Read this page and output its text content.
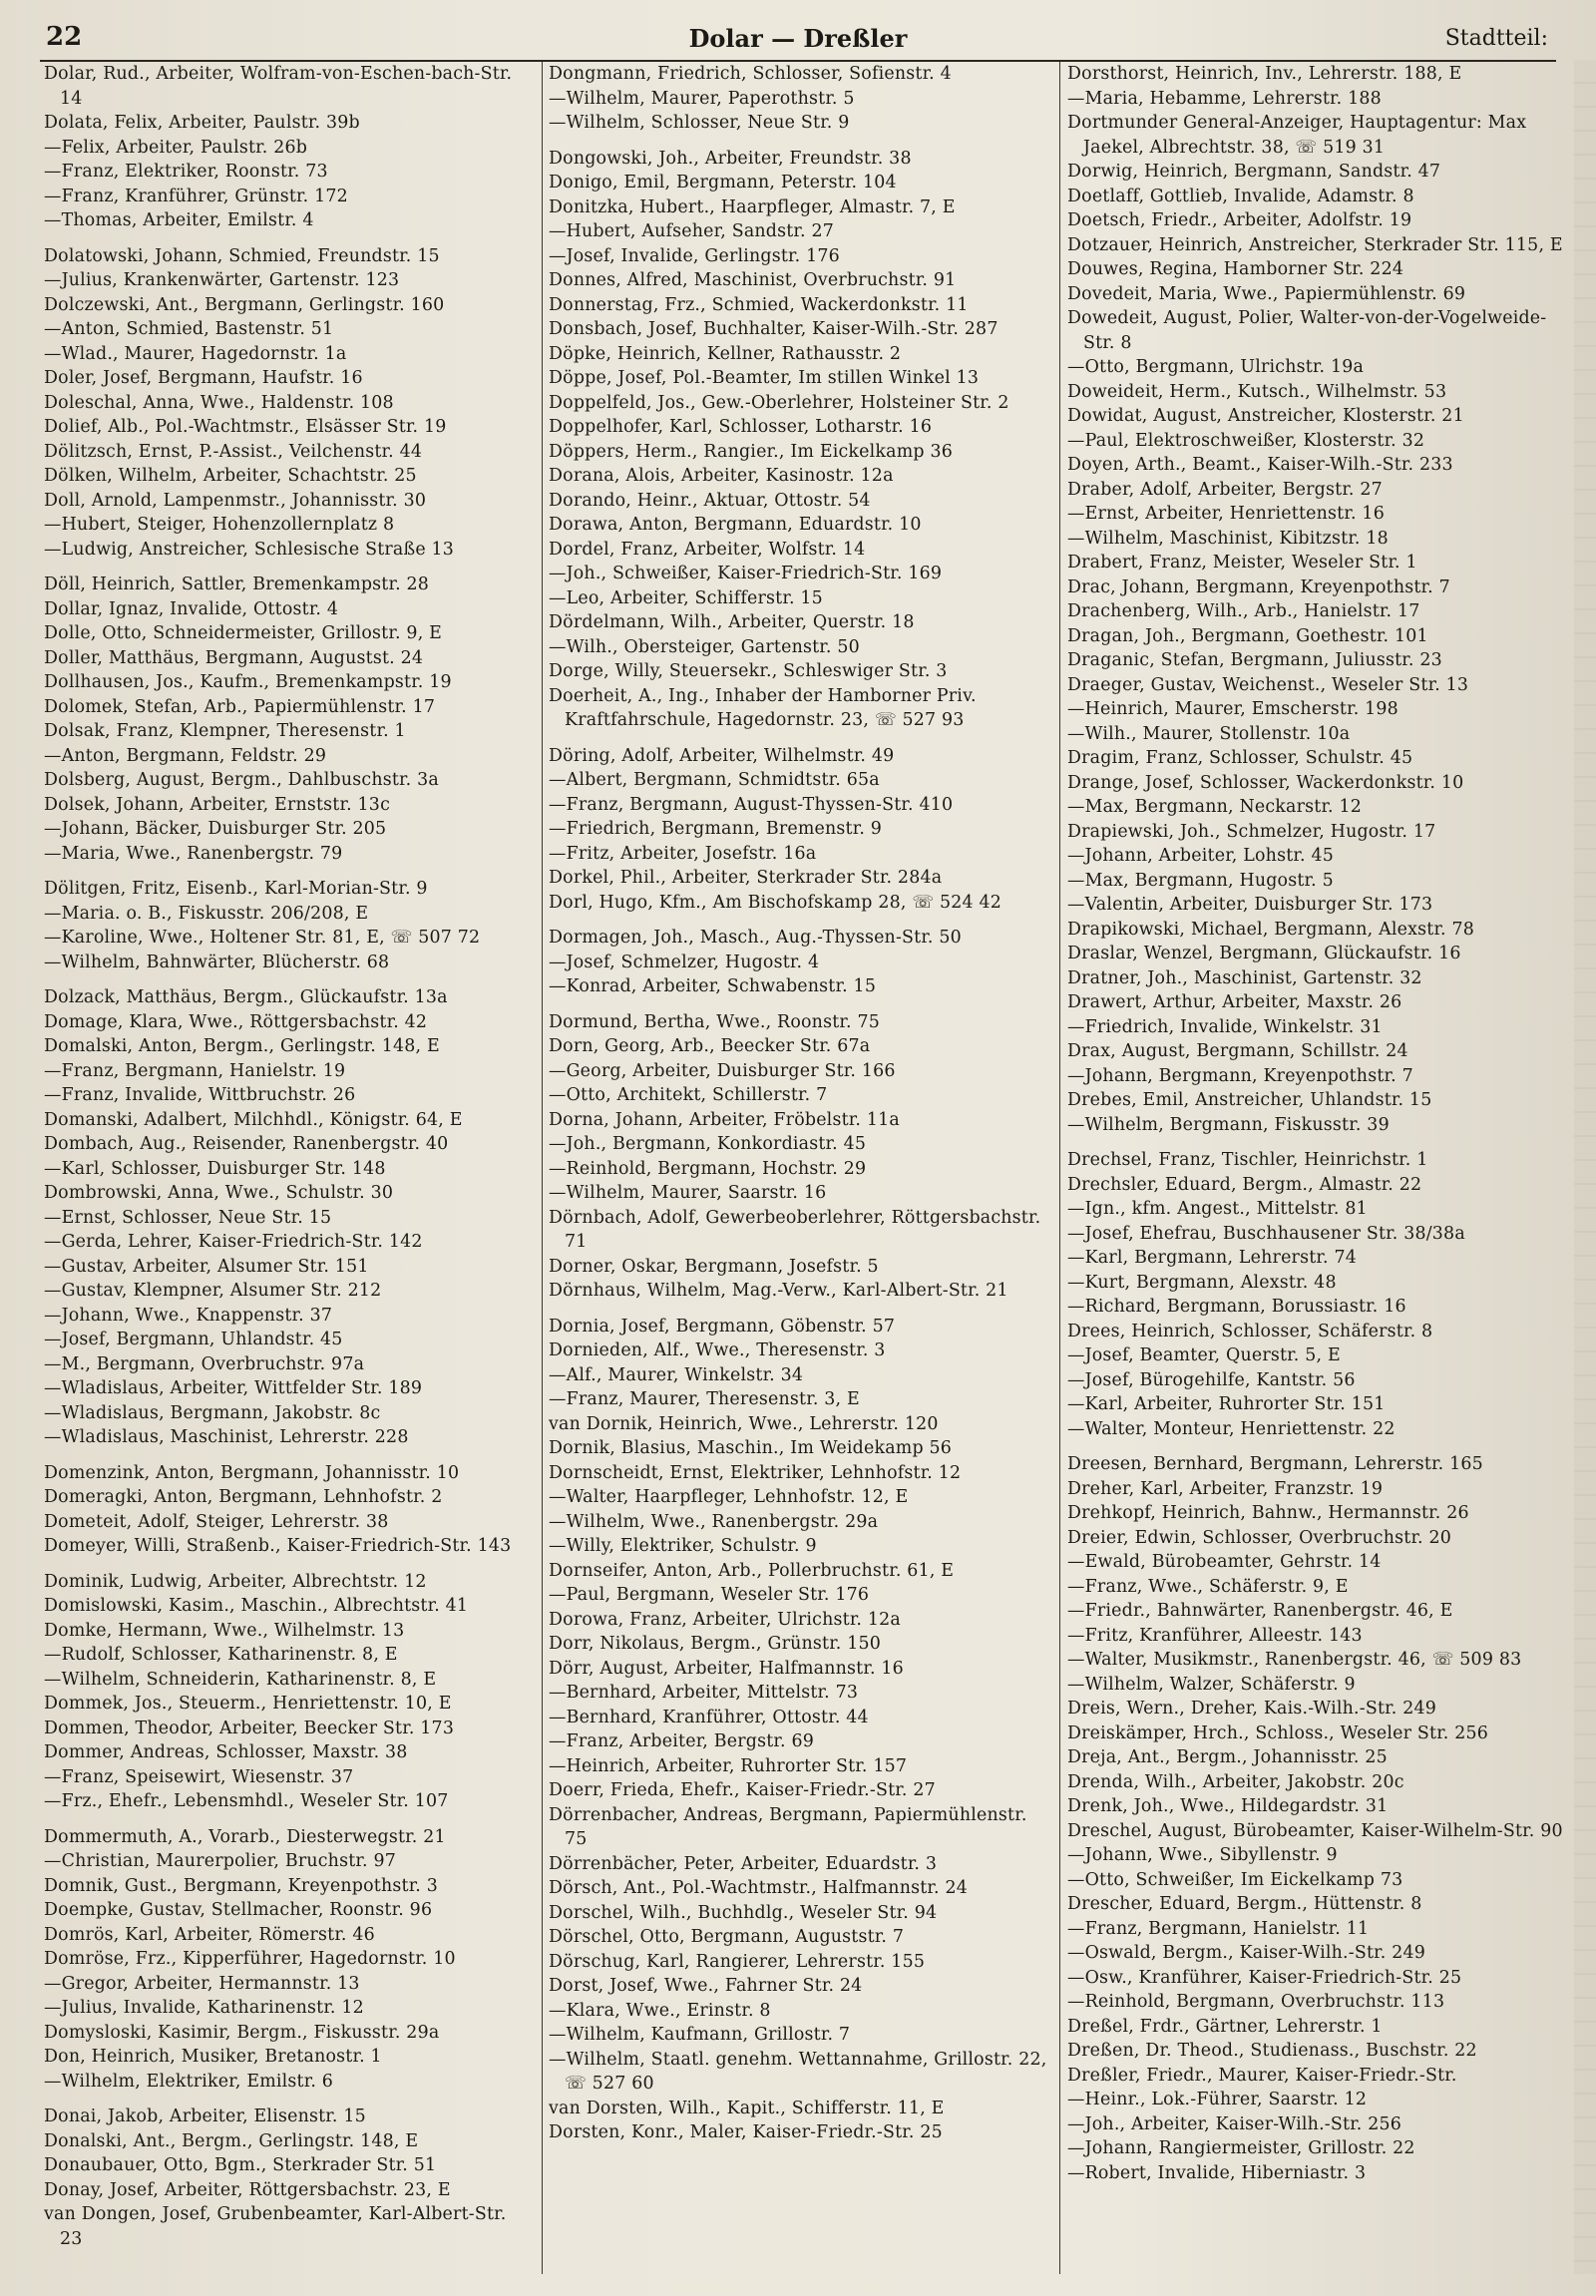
22	Dolar — Dreßler	Stadtteil:
Dolar, Rud., Arbeiter, Wolfram-von-Eschen-bach-Str. 14
Dolata, Felix, Arbeiter, Paulstr. 39b
—Felix, Arbeiter, Paulstr. 26b
—Franz, Elektriker, Roonstr. 73
—Franz, Kranführer, Grünstr. 172
—Thomas, Arbeiter, Emilstr. 4
Dolatowski, Johann, Schmied, Freundstr. 15
—Julius, Krankenwärter, Gartenstr. 123
Dolczewski, Ant., Bergmann, Gerlingstr. 160
—Anton, Schmied, Bastenstr. 51
—Wlad., Maurer, Hagedornstr. 1a
Doler, Josef, Bergmann, Haufstr. 16
Doleschal, Anna, Wwe., Haldenstr. 108
Dolief, Alb., Pol.-Wachtmstr., Elsässer Str. 19
Dölitzsch, Ernst, P.-Assist., Veilchenstr. 44
Dölken, Wilhelm, Arbeiter, Schachtstr. 25
Doll, Arnold, Lampenmstr., Johannisstr. 30
—Hubert, Steiger, Hohenzollernplatz 8
—Ludwig, Anstreicher, Schlesische Straße 13
Döll, Heinrich, Sattler, Bremenkampstr. 28
Dollar, Ignaz, Invalide, Ottostr. 4
Dolle, Otto, Schneidermeister, Grillostr. 9, E
Doller, Matthäus, Bergmann, Augustst. 24
Dollhausen, Jos., Kaufm., Bremenkampstr. 19
Dolomek, Stefan, Arb., Papiermühlenstr. 17
Dolsak, Franz, Klempner, Theresenstr. 1
—Anton, Bergmann, Feldstr. 29
Dolsberg, August, Bergm., Dahlbuschstr. 3a
Dolsek, Johann, Arbeiter, Ernststr. 13c
—Johann, Bäcker, Duisburger Str. 205
—Maria, Wwe., Ranenbergstr. 79
Dölitgen, Fritz, Eisenb., Karl-Morian-Str. 9
—Maria. o. B., Fiskusstr. 206/208, E
—Karoline, Wwe., Holtener Str. 81, E, ☏ 507 72
—Wilhelm, Bahnwärter, Blücherstr. 68
Dolzack, Matthäus, Bergm., Glückaufstr. 13a
Domage, Klara, Wwe., Röttgersbachstr. 42
Domalski, Anton, Bergm., Gerlingstr. 148, E
—Franz, Bergmann, Hanielstr. 19
—Franz, Invalide, Wittbruchstr. 26
Domanski, Adalbert, Milchhdl., Königstr. 64, E
Dombach, Aug., Reisender, Ranenbergstr. 40
—Karl, Schlosser, Duisburger Str. 148
Dombrowski, Anna, Wwe., Schulstr. 30
—Ernst, Schlosser, Neue Str. 15
—Gerda, Lehrer, Kaiser-Friedrich-Str. 142
—Gustav, Arbeiter, Alsumer Str. 151
—Gustav, Klempner, Alsumer Str. 212
—Johann, Wwe., Knappenstr. 37
—Josef, Bergmann, Uhlandstr. 45
—M., Bergmann, Overbruchstr. 97a
—Wladislaus, Arbeiter, Wittfelder Str. 189
—Wladislaus, Bergmann, Jakobstr. 8c
—Wladislaus, Maschinist, Lehrerstr. 228
Domenzink, Anton, Bergmann, Johannisstr. 10
Domeragki, Anton, Bergmann, Lehnhofstr. 2
Dometeit, Adolf, Steiger, Lehrerstr. 38
Domeyer, Willi, Straßenb., Kaiser-Friedrich-Str. 143
Dominik, Ludwig, Arbeiter, Albrechtstr. 12
Domislowski, Kasim., Maschin., Albrechtstr. 41
Domke, Hermann, Wwe., Wilhelmstr. 13
—Rudolf, Schlosser, Katharinenstr. 8, E
—Wilhelm, Schneiderin, Katharinenstr. 8, E
Dommek, Jos., Steuerm., Henriettenstr. 10, E
Dommen, Theodor, Arbeiter, Beecker Str. 173
Dommer, Andreas, Schlosser, Maxstr. 38
—Franz, Speisewirt, Wiesenstr. 37
—Frz., Ehefr., Lebensmhdl., Weseler Str. 107
Dommermuth, A., Vorarb., Diesterwegstr. 21
—Christian, Maurerpolier, Bruchstr. 97
Domnik, Gust., Bergmann, Kreyenpothstr. 3
Doempke, Gustav, Stellmacher, Roonstr. 96
Domrös, Karl, Arbeiter, Römerstr. 46
Domröse, Frz., Kipperführer, Hagedornstr. 10
—Gregor, Arbeiter, Hermannstr. 13
—Julius, Invalide, Katharinenstr. 12
Domysloski, Kasimir, Bergm., Fiskusstr. 29a
Don, Heinrich, Musiker, Bretanostr. 1
—Wilhelm, Elektriker, Emilstr. 6
Donai, Jakob, Arbeiter, Elisenstr. 15
Donalski, Ant., Bergm., Gerlingstr. 148, E
Donaubauer, Otto, Bgm., Sterkrader Str. 51
Donay, Josef, Arbeiter, Röttgersbachstr. 23, E
van Dongen, Josef, Grubenbeamter, Karl-Albert-Str. 23
Dongmann, Friedrich, Schlosser, Sofienstr. 4
—Wilhelm, Maurer, Paperothstr. 5
—Wilhelm, Schlosser, Neue Str. 9
Dongowski, Joh., Arbeiter, Freundstr. 38
Donigo, Emil, Bergmann, Peterstr. 104
Donitzka, Hubert., Haarpfleger, Almastr. 7, E
—Hubert, Aufseher, Sandstr. 27
—Josef, Invalide, Gerlingstr. 176
Donnes, Alfred, Maschinist, Overbruchstr. 91
Donnerstag, Frz., Schmied, Wackerdonkstr. 11
Donsbach, Josef, Buchhalter, Kaiser-Wilh.-Str. 287
Döpke, Heinrich, Kellner, Rathausstr. 2
Döppe, Josef, Pol.-Beamter, Im stillen Winkel 13
Doppelfeld, Jos., Gew.-Oberlehrer, Holsteiner Str. 2
Doppelhofer, Karl, Schlosser, Lotharstr. 16
Döppers, Herm., Rangier., Im Eickelkamp 36
Dorana, Alois, Arbeiter, Kasinostr. 12a
Dorando, Heinr., Aktuar, Ottostr. 54
Dorawa, Anton, Bergmann, Eduardstr. 10
Dordel, Franz, Arbeiter, Wolfstr. 14
—Joh., Schweißer, Kaiser-Friedrich-Str. 169
—Leo, Arbeiter, Schifferstr. 15
Dördelmann, Wilh., Arbeiter, Querstr. 18
—Wilh., Obersteiger, Gartenstr. 50
Dorge, Willy, Steuersekr., Schleswiger Str. 3
Doerheit, A., Ing., Inhaber der Hamborner Priv. Kraftfahrschule, Hagedornstr. 23, ☏ 527 93
Döring, Adolf, Arbeiter, Wilhelmstr. 49
—Albert, Bergmann, Schmidtstr. 65a
—Franz, Bergmann, August-Thyssen-Str. 410
—Friedrich, Bergmann, Bremenstr. 9
—Fritz, Arbeiter, Josefstr. 16a
Dorkel, Phil., Arbeiter, Sterkrader Str. 284a
Dorl, Hugo, Kfm., Am Bischofskamp 28, ☏ 524 42
Dormagen, Joh., Masch., Aug.-Thyssen-Str. 50
—Josef, Schmelzer, Hugostr. 4
—Konrad, Arbeiter, Schwabenstr. 15
Dormund, Bertha, Wwe., Roonstr. 75
Dorn, Georg, Arb., Beecker Str. 67a
—Georg, Arbeiter, Duisburger Str. 166
—Otto, Architekt, Schillerstr. 7
Dorna, Johann, Arbeiter, Fröbelstr. 11a
—Joh., Bergmann, Konkordiastr. 45
—Reinhold, Bergmann, Hochstr. 29
—Wilhelm, Maurer, Saarstr. 16
Dörnbach, Adolf, Gewerbeoberlehrer, Röttgersbachstr. 71
Dorner, Oskar, Bergmann, Josefstr. 5
Dörnhaus, Wilhelm, Mag.-Verw., Karl-Albert-Str. 21
Dornia, Josef, Bergmann, Göbenstr. 57
Dornieden, Alf., Wwe., Theresenstr. 3
—Alf., Maurer, Winkelstr. 34
—Franz, Maurer, Theresenstr. 3, E
van Dornik, Heinrich, Wwe., Lehrerstr. 120
Dornik, Blasius, Maschin., Im Weidekamp 56
Dornscheidt, Ernst, Elektriker, Lehnhofstr. 12
—Walter, Haarpfleger, Lehnhofstr. 12, E
—Wilhelm, Wwe., Ranenbergstr. 29a
—Willy, Elektriker, Schulstr. 9
Dornseifer, Anton, Arb., Pollerbruchstr. 61, E
—Paul, Bergmann, Weseler Str. 176
Dorowa, Franz, Arbeiter, Ulrichstr. 12a
Dorr, Nikolaus, Bergm., Grünstr. 150
Dörr, August, Arbeiter, Halfmannstr. 16
—Bernhard, Arbeiter, Mittelstr. 73
—Bernhard, Kranführer, Ottostr. 44
—Franz, Arbeiter, Bergstr. 69
—Heinrich, Arbeiter, Ruhrorter Str. 157
Doerr, Frieda, Ehefr., Kaiser-Friedr.-Str. 27
Dörrenbacher, Andreas, Bergmann, Papiermühlenstr. 75
Dörrenbächer, Peter, Arbeiter, Eduardstr. 3
Dörsch, Ant., Pol.-Wachtmstr., Halfmannstr. 24
Dorschel, Wilh., Buchhdlg., Weseler Str. 94
Dörschel, Otto, Bergmann, Auguststr. 7
Dörschug, Karl, Rangierer, Lehrerstr. 155
Dorst, Josef, Wwe., Fahrner Str. 24
—Klara, Wwe., Erinstr. 8
—Wilhelm, Kaufmann, Grillostr. 7
—Wilhelm, Staatl. genehm. Wettannahme, Grillostr. 22, ☏ 527 60
van Dorsten, Wilh., Kapit., Schifferstr. 11, E
Dorsten, Konr., Maler, Kaiser-Friedr.-Str. 25
Dorsthorst, Heinrich, Inv., Lehrerstr. 188, E
—Maria, Hebamme, Lehrerstr. 188
Dortmunder General-Anzeiger, Hauptagentur: Max Jaekel, Albrechtstr. 38, ☏ 519 31
Dorwig, Heinrich, Bergmann, Sandstr. 47
Doetlaff, Gottlieb, Invalide, Adamstr. 8
Doetsch, Friedr., Arbeiter, Adolfstr. 19
Dotzauer, Heinrich, Anstreicher, Sterkrader Str. 115, E
Douwes, Regina, Hamborner Str. 224
Dovedeit, Maria, Wwe., Papiermühlenstr. 69
Dowedeit, August, Polier, Walter-von-der-Vogelweide-Str. 8
—Otto, Bergmann, Ulrichstr. 19a
Doweideit, Herm., Kutsch., Wilhelmstr. 53
Dowidat, August, Anstreicher, Klosterstr. 21
—Paul, Elektroschweißer, Klosterstr. 32
Doyen, Arth., Beamt., Kaiser-Wilh.-Str. 233
Draber, Adolf, Arbeiter, Bergstr. 27
—Ernst, Arbeiter, Henriettenstr. 16
—Wilhelm, Maschinist, Kibitzstr. 18
Drabert, Franz, Meister, Weseler Str. 1
Drac, Johann, Bergmann, Kreyenpothstr. 7
Drachenberg, Wilh., Arb., Hanielstr. 17
Dragan, Joh., Bergmann, Goethestr. 101
Draganic, Stefan, Bergmann, Juliusstr. 23
Draeger, Gustav, Weichenst., Weseler Str. 13
—Heinrich, Maurer, Emscherstr. 198
—Wilh., Maurer, Stollenstr. 10a
Dragim, Franz, Schlosser, Schulstr. 45
Drange, Josef, Schlosser, Wackerdonkstr. 10
—Max, Bergmann, Neckarstr. 12
Drapiewski, Joh., Schmelzer, Hugostr. 17
—Johann, Arbeiter, Lohstr. 45
—Max, Bergmann, Hugostr. 5
—Valentin, Arbeiter, Duisburger Str. 173
Drapikowski, Michael, Bergmann, Alexstr. 78
Draslar, Wenzel, Bergmann, Glückaufstr. 16
Dratner, Joh., Maschinist, Gartenstr. 32
Drawert, Arthur, Arbeiter, Maxstr. 26
—Friedrich, Invalide, Winkelstr. 31
Drax, August, Bergmann, Schillstr. 24
—Johann, Bergmann, Kreyenpothstr. 7
Drebes, Emil, Anstreicher, Uhlandstr. 15
—Wilhelm, Bergmann, Fiskusstr. 39
Drechsel, Franz, Tischler, Heinrichstr. 1
Drechsler, Eduard, Bergm., Almastr. 22
—Ign., kfm. Angest., Mittelstr. 81
—Josef, Ehefrau, Buschhausener Str. 38/38a
—Karl, Bergmann, Lehrerstr. 74
—Kurt, Bergmann, Alexstr. 48
—Richard, Bergmann, Borussiastr. 16
Drees, Heinrich, Schlosser, Schäferstr. 8
—Josef, Beamter, Querstr. 5, E
—Josef, Bürogehilfe, Kantstr. 56
—Karl, Arbeiter, Ruhrorter Str. 151
—Walter, Monteur, Henriettenstr. 22
Dreesen, Bernhard, Bergmann, Lehrerstr. 165
Dreher, Karl, Arbeiter, Franzstr. 19
Drehkopf, Heinrich, Bahnw., Hermannstr. 26
Dreier, Edwin, Schlosser, Overbruchstr. 20
—Ewald, Bürobeamter, Gehrstr. 14
—Franz, Wwe., Schäferstr. 9, E
—Friedr., Bahnwärter, Ranenbergstr. 46, E
—Fritz, Kranführer, Alleestr. 143
—Walter, Musikmstr., Ranenbergstr. 46, ☏ 509 83
—Wilhelm, Walzer, Schäferstr. 9
Dreis, Wern., Dreher, Kais.-Wilh.-Str. 249
Dreiskämper, Hrch., Schloss., Weseler Str. 256
Dreja, Ant., Bergm., Johannisstr. 25
Drenda, Wilh., Arbeiter, Jakobstr. 20c
Drenk, Joh., Wwe., Hildegardstr. 31
Dreschel, August, Bürobeamter, Kaiser-Wilhelm-Str. 90
—Johann, Wwe., Sibyllenstr. 9
—Otto, Schweißer, Im Eickelkamp 73
Drescher, Eduard, Bergm., Hüttenstr. 8
—Franz, Bergmann, Hanielstr. 11
—Oswald, Bergm., Kaiser-Wilh.-Str. 249
—Osw., Kranführer, Kaiser-Friedrich-Str. 25
—Reinhold, Bergmann, Overbruchstr. 113
Dreßel, Frdr., Gärtner, Lehrerstr. 1
Dreßen, Dr. Theod., Studienass., Buschstr. 22
Dreßler, Friedr., Maurer, Kaiser-Friedr.-Str.
—Heinr., Lok.-Führer, Saarstr. 12
—Joh., Arbeiter, Kaiser-Wilh.-Str. 256
—Johann, Rangiermeister, Grillostr. 22
—Robert, Invalide, Hiberniastr. 3
